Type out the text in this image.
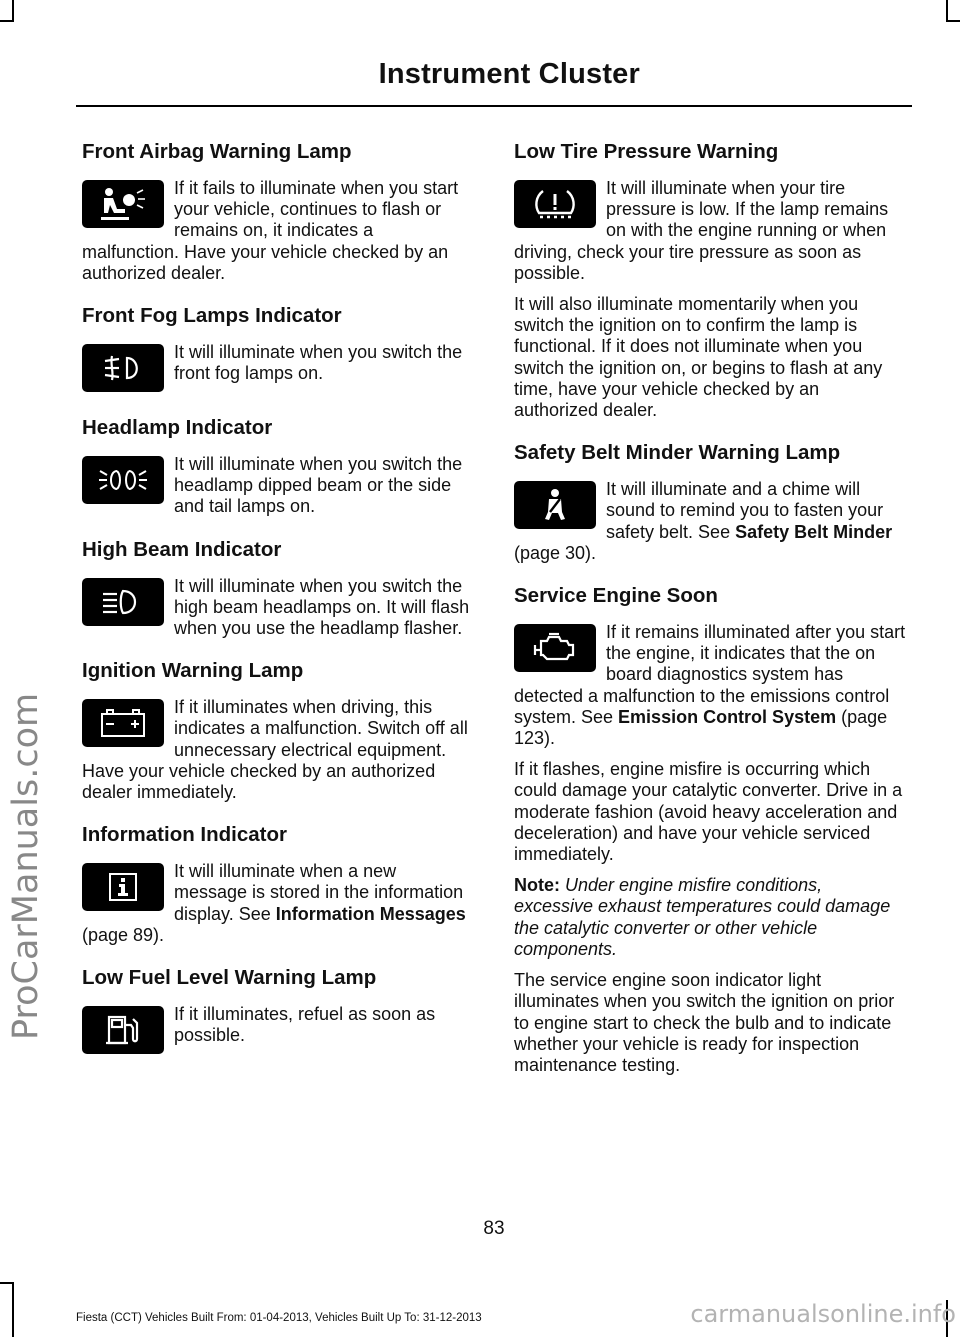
Instrument Cluster
ProCarManuals.com
Front Airbag Warning Lamp

If it fails to illuminate when you start your vehicle, continues to flash or remains on, it indicates a malfunction. Have your vehicle checked by an authorized dealer.

Front Fog Lamps Indicator

It will illuminate when you switch the front fog lamps on.

Headlamp Indicator

It will illuminate when you switch the headlamp dipped beam or the side and tail lamps on.

High Beam Indicator

It will illuminate when you switch the high beam headlamps on. It will flash when you use the headlamp flasher.

Ignition Warning Lamp

If it illuminates when driving, this indicates a malfunction. Switch off all unnecessary electrical equipment. Have your vehicle checked by an authorized dealer immediately.

Information Indicator

It will illuminate when a new message is stored in the information display. See Information Messages (page 89).

Low Fuel Level Warning Lamp

If it illuminates, refuel as soon as possible.

Low Tire Pressure Warning

It will illuminate when your tire pressure is low. If the lamp remains on with the engine running or when driving, check your tire pressure as soon as possible.

It will also illuminate momentarily when you switch the ignition on to confirm the lamp is functional. If it does not illuminate when you switch the ignition on, or begins to flash at any time, have your vehicle checked by an authorized dealer.

Safety Belt Minder Warning Lamp

It will illuminate and a chime will sound to remind you to fasten your safety belt. See Safety Belt Minder (page 30).

Service Engine Soon

If it remains illuminated after you start the engine, it indicates that the on board diagnostics system has detected a malfunction to the emissions control system. See Emission Control System (page 123).

If it flashes, engine misfire is occurring which could damage your catalytic converter. Drive in a moderate fashion (avoid heavy acceleration and deceleration) and have your vehicle serviced immediately.

Note: Under engine misfire conditions, excessive exhaust temperatures could damage the catalytic converter or other vehicle components.

The service engine soon indicator light illuminates when you switch the ignition on prior to engine start to check the bulb and to indicate whether your vehicle is ready for inspection maintenance testing.

83
Fiesta (CCT) Vehicles Built From: 01-04-2013, Vehicles Built Up To: 31-12-2013	carmanualsonline.info
